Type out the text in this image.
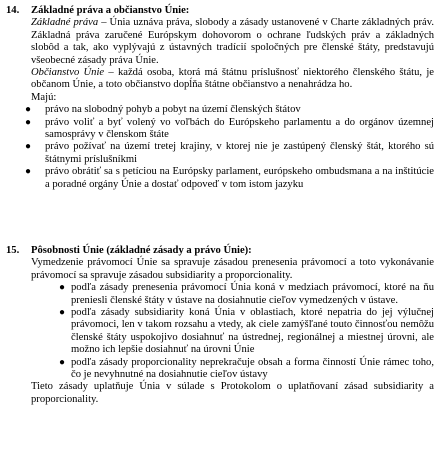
14. Základné práva a občianstvo Únie:

Základné práva – Únia uznáva práva, slobody a zásady ustanovené v Charte základných práv. Základná práva zaručené Európskym dohovorom o ochrane ľudských práv a základných slobôd a tak, ako vyplývajú z ústavných tradícií spoločných pre členské štáty, predstavujú všeobecné zásady práva Únie.

Občianstvo Únie – každá osoba, ktorá má štátnu príslušnosť niektorého členského štátu, je občanom Únie, a toto občianstvo dopĺňa štátne občianstvo a nenahrádza ho.

Majú:

● právo na slobodný pohyb a pobyt na území členských štátov
● právo voliť a byť volený vo voľbách do Európskeho parlamentu a do orgánov územnej samosprávy v členskom štáte
● právo požívať na území tretej krajiny, v ktorej nie je zastúpený členský štát, ktorého sú štátnymi príslušníkmi
● právo obrátiť sa s petíciou na Európsky parlament, európskeho ombudsmana a na inštitúcie a poradné orgány Únie a dostať odpoveď v tom istom jazyku

15. Pôsobnosti Únie (základné zásady a právo Únie):

Vymedzenie právomocí Únie sa spravuje zásadou prenesenia právomocí a toto vykonávanie právomocí sa spravuje zásadou subsidiarity a proporcionality.

● podľa zásady prenesenia právomocí Únia koná v medziach právomocí, ktoré na ňu preniesli členské štáty v ústave na dosiahnutie cieľov vymedzených v ústave.
● podľa zásady subsidiarity koná Únia v oblastiach, ktoré nepatria do jej výlučnej právomoci, len v takom rozsahu a vtedy, ak ciele zamýšľané touto činnosťou nemôžu členské štáty uspokojivo dosiahnuť na ústrednej, regionálnej a miestnej úrovni, ale možno ich lepšie dosiahnuť na úrovni Únie
● podľa zásady proporcionality neprekračuje obsah a forma činností Únie rámec toho, čo je nevyhnutné na dosiahnutie cieľov ústavy

Tieto zásady uplatňuje Únia v súlade s Protokolom o uplatňovaní zásad subsidiarity a proporcionality.
